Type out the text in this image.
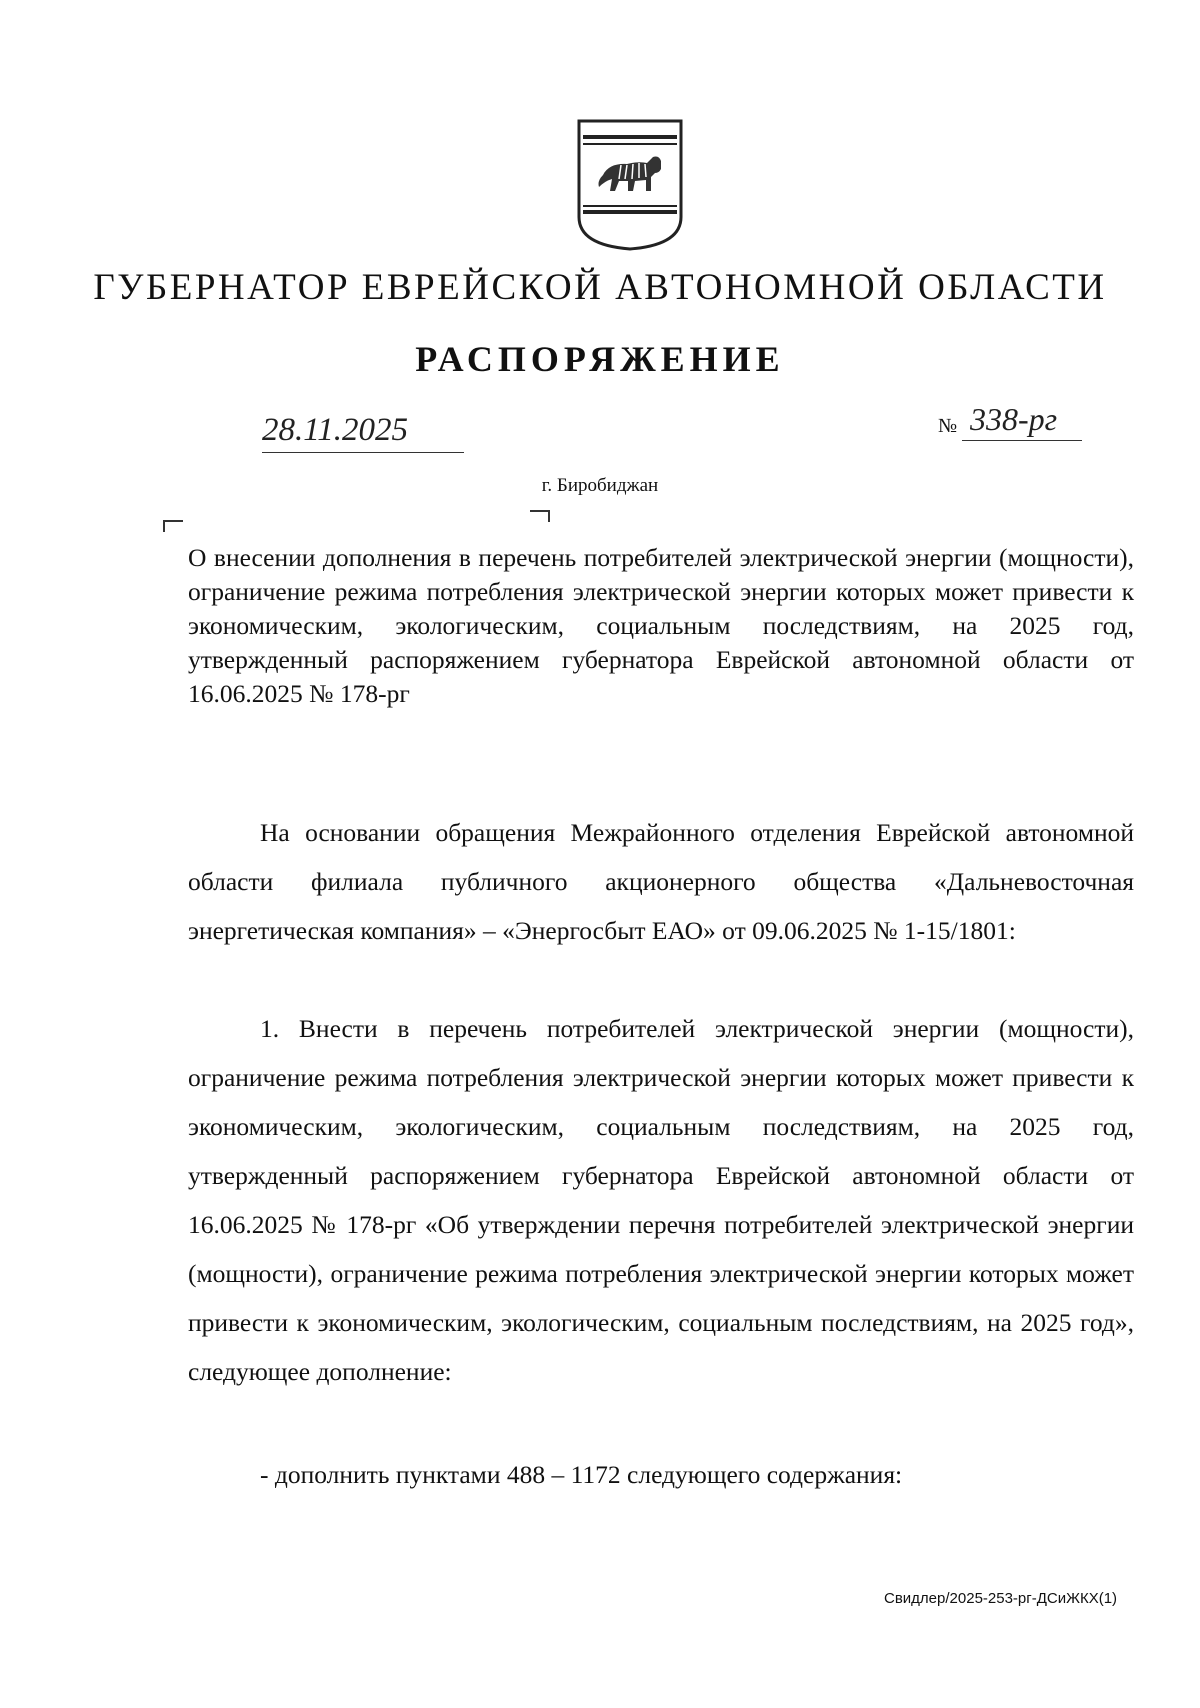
ГУБЕРНАТОР ЕВРЕЙСКОЙ АВТОНОМНОЙ ОБЛАСТИ
РАСПОРЯЖЕНИЕ
28.11.2025	№ 338-рг
г. Биробиджан
О внесении дополнения в перечень потребителей электрической энергии (мощности), ограничение режима потребления электрической энергии которых может привести к экономическим, экологическим, социальным последствиям, на 2025 год, утвержденный распоряжением губернатора Еврейской автономной области от 16.06.2025 № 178-рг

На основании обращения Межрайонного отделения Еврейской автономной области филиала публичного акционерного общества «Дальневосточная энергетическая компания» – «Энергосбыт ЕАО» от 09.06.2025 № 1-15/1801:

1. Внести в перечень потребителей электрической энергии (мощности), ограничение режима потребления электрической энергии которых может привести к экономическим, экологическим, социальным последствиям, на 2025 год, утвержденный распоряжением губернатора Еврейской автономной области от 16.06.2025 № 178-рг «Об утверждении перечня потребителей электрической энергии (мощности), ограничение режима потребления электрической энергии которых может привести к экономическим, экологическим, социальным последствиям, на 2025 год», следующее дополнение:

- дополнить пунктами 488 – 1172 следующего содержания:

Свидлер/2025-253-рг-ДСиЖКХ(1)
